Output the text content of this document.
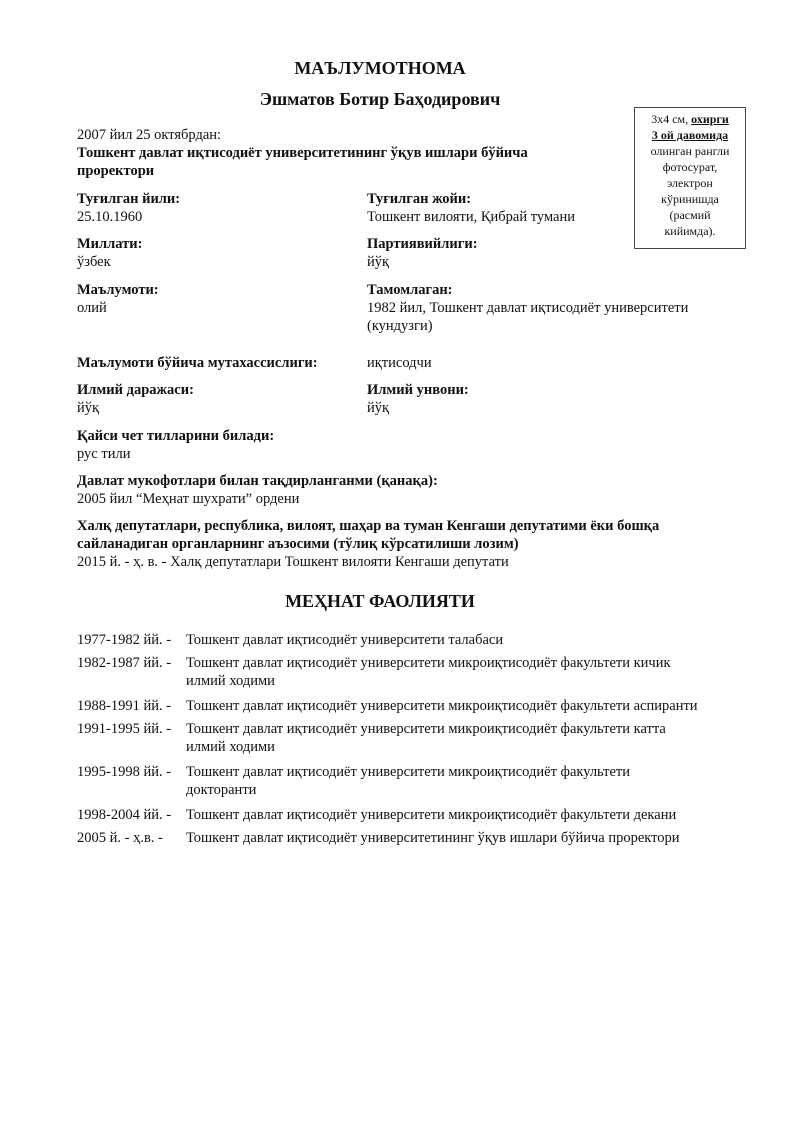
МАЪЛУМОТНОМА
Эшматов Ботир Баҳодирович
3x4 см, охирги
3 ой давомида
олинган рангли
фотосурат,
электрон
кўринишда
(расмий
кийимда).
2007 йил 25 октябрдан:
Тошкент давлат иқтисодиёт университетининг ўқув ишлари бўйича
проректори
Туғилган йили:
25.10.1960
Туғилган жойи:
Тошкент вилояти, Қибрай тумани
Миллати:
ўзбек
Партиявийлиги:
йўқ
Маълумоти:
олий
Тамомлаган:
1982 йил, Тошкент давлат иқтисодиёт университети
(кундузги)
Маълумоти бўйича мутахассислиги:	иқтисодчи
Илмий даражаси:
йўқ
Илмий унвони:
йўқ
Қайси чет тилларини билади:
рус тили
Давлат мукофотлари билан тақдирланганми (қанақа):
2005 йил “Меҳнат шухрати” ордени
Халқ депутатлари, республика, вилоят, шаҳар ва туман Кенгаши депутатими ёки бошқа
сайланадиган органларнинг аъзосими (тўлиқ кўрсатилиши лозим)
2015 й. - ҳ. в. - Халқ депутатлари Тошкент вилояти Кенгаши депутати
МЕҲНАТ ФАОЛИЯТИ
1977-1982 йй. - Тошкент давлат иқтисодиёт университети талабаси
1982-1987 йй. - Тошкент давлат иқтисодиёт университети микроиқтисодиёт факультети кичик
илмий ходими
1988-1991 йй. - Тошкент давлат иқтисодиёт университети микроиқтисодиёт факультети аспиранти
1991-1995 йй. - Тошкент давлат иқтисодиёт университети микроиқтисодиёт факультети катта
илмий ходими
1995-1998 йй. - Тошкент давлат иқтисодиёт университети микроиқтисодиёт факультети
докторанти
1998-2004 йй. - Тошкент давлат иқтисодиёт университети микроиқтисодиёт факультети декани
2005 й. - ҳ.в. - Тошкент давлат иқтисодиёт университетининг ўқув ишлари бўйича проректори
